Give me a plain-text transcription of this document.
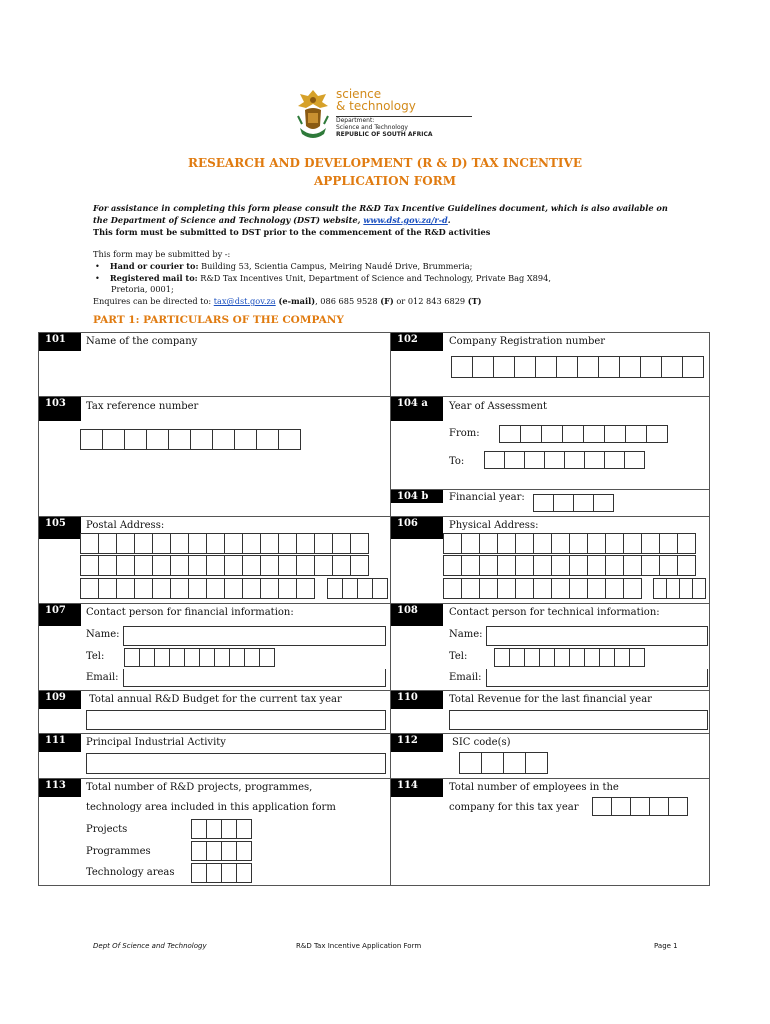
science
& technology
Department:
Science and Technology
REPUBLIC OF SOUTH AFRICA
RESEARCH AND DEVELOPMENT (R & D) TAX INCENTIVE
APPLICATION FORM
For assistance in completing this form please consult the R&D Tax Incentive Guidelines document, which is also available on
the Department of Science and Technology (DST) website, www.dst.gov.za/r-d.
This form must be submitted to DST prior to the commencement of the R&D activities
This form may be submitted by -:
• Hand or courier to: Building 53, Scientia Campus, Meiring Naudé Drive, Brummeria;
• Registered mail to: R&D Tax Incentives Unit, Department of Science and Technology, Private Bag X894,
Pretoria, 0001;
Enquires can be directed to: tax@dst.gov.za (e-mail), 086 685 9528 (F) or 012 843 6829 (T)
PART 1: PARTICULARS OF THE COMPANY
101	Name of the company	102	Company Registration number
103	Tax reference number	104 a	Year of Assessment
From:
To:
104 b	Financial year:
105	Postal Address:	106	Physical Address:
107	Contact person for financial information:
Name:
Tel:
Email:
108	Contact person for technical information:
Name:
Tel:
Email:
109	Total annual R&D Budget for the current tax year	110	Total Revenue for the last financial year
111	Principal Industrial Activity	112	SIC code(s)
113	Total number of R&D projects, programmes,
technology area included in this application form
Projects
Programmes
Technology areas
114	Total number of employees in the
company for this tax year
Dept Of Science and Technology	R&D Tax Incentive Application Form	Page 1
